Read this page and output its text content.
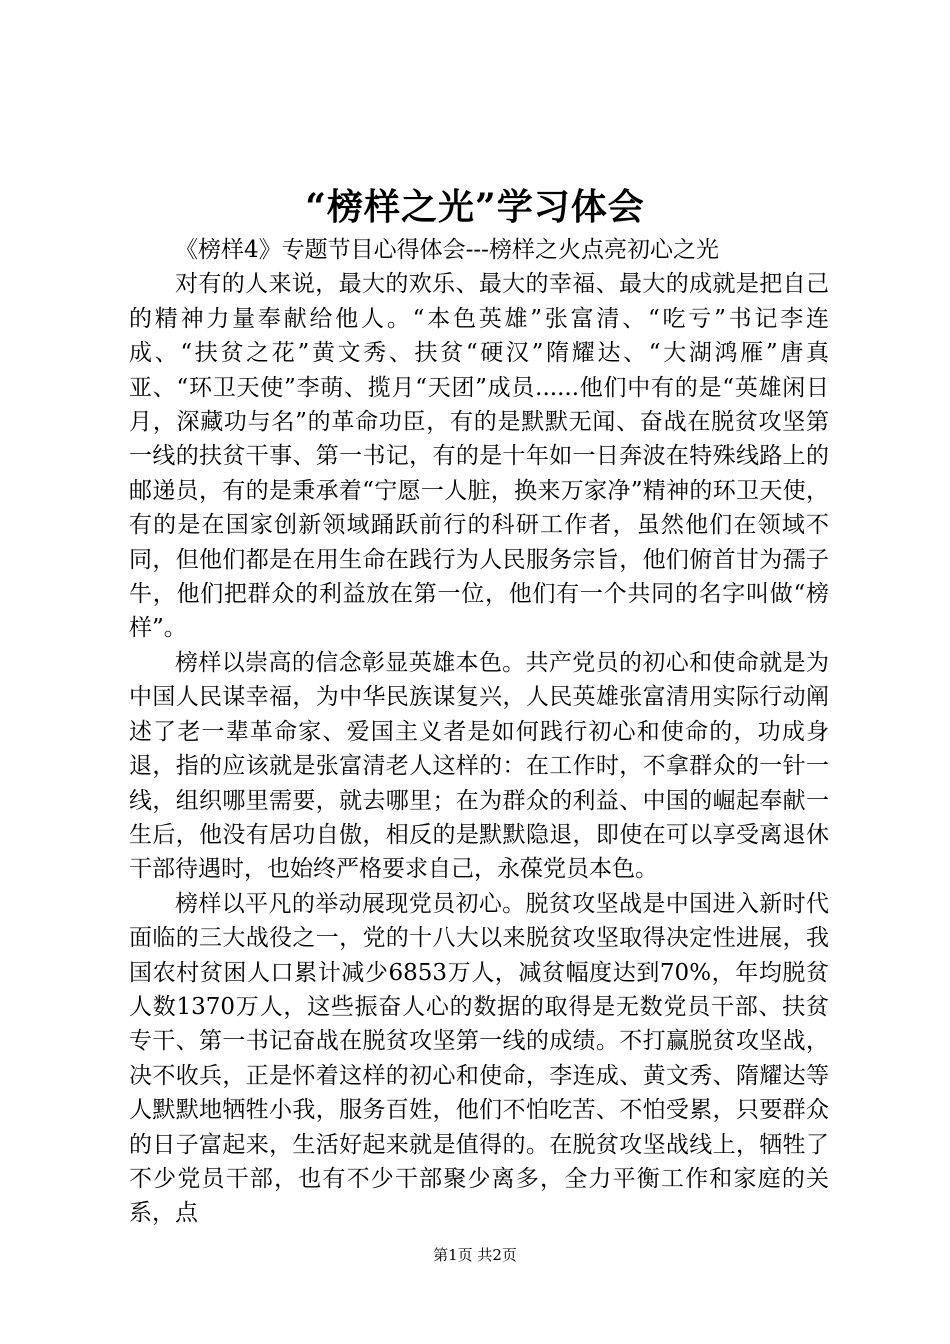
“榜样之光”学习体会

《榜样4》专题节目心得体会---榜样之火点亮初心之光

对有的人来说，最大的欢乐、最大的幸福、最大的成就是把自己的精神力量奉献给他人。“本色英雄”张富清、“吃亏”书记李连成、“扶贫之花”黄文秀、扶贫“硬汉”隋耀达、“大湖鸿雁”唐真亚、“环卫天使”李萌、揽月“天团”成员......他们中有的是“英雄闲日月，深藏功与名”的革命功臣，有的是默默无闻、奋战在脱贫攻坚第一线的扶贫干事、第一书记，有的是十年如一日奔波在特殊线路上的邮递员，有的是秉承着“宁愿一人脏，换来万家净”精神的环卫天使，有的是在国家创新领域踊跃前行的科研工作者，虽然他们在领域不同，但他们都是在用生命在践行为人民服务宗旨，他们俯首甘为孺子牛，他们把群众的利益放在第一位，他们有一个共同的名字叫做“榜样”。

榜样以崇高的信念彰显英雄本色。共产党员的初心和使命就是为中国人民谋幸福，为中华民族谋复兴，人民英雄张富清用实际行动阐述了老一辈革命家、爱国主义者是如何践行初心和使命的，功成身退，指的应该就是张富清老人这样的：在工作时，不拿群众的一针一线，组织哪里需要，就去哪里；在为群众的利益、中国的崛起奉献一生后，他没有居功自傲，相反的是默默隐退，即使在可以享受离退休干部待遇时，也始终严格要求自己，永葆党员本色。

榜样以平凡的举动展现党员初心。脱贫攻坚战是中国进入新时代面临的三大战役之一，党的十八大以来脱贫攻坚取得决定性进展，我国农村贫困人口累计减少6853万人，减贫幅度达到70%，年均脱贫人数1370万人，这些振奋人心的数据的取得是无数党员干部、扶贫专干、第一书记奋战在脱贫攻坚第一线的成绩。不打赢脱贫攻坚战，决不收兵，正是怀着这样的初心和使命，李连成、黄文秀、隋耀达等人默默地牺牲小我，服务百姓，他们不怕吃苦、不怕受累，只要群众的日子富起来，生活好起来就是值得的。在脱贫攻坚战线上，牺牲了不少党员干部，也有不少干部聚少离多，全力平衡工作和家庭的关系，点

第1页 共2页
